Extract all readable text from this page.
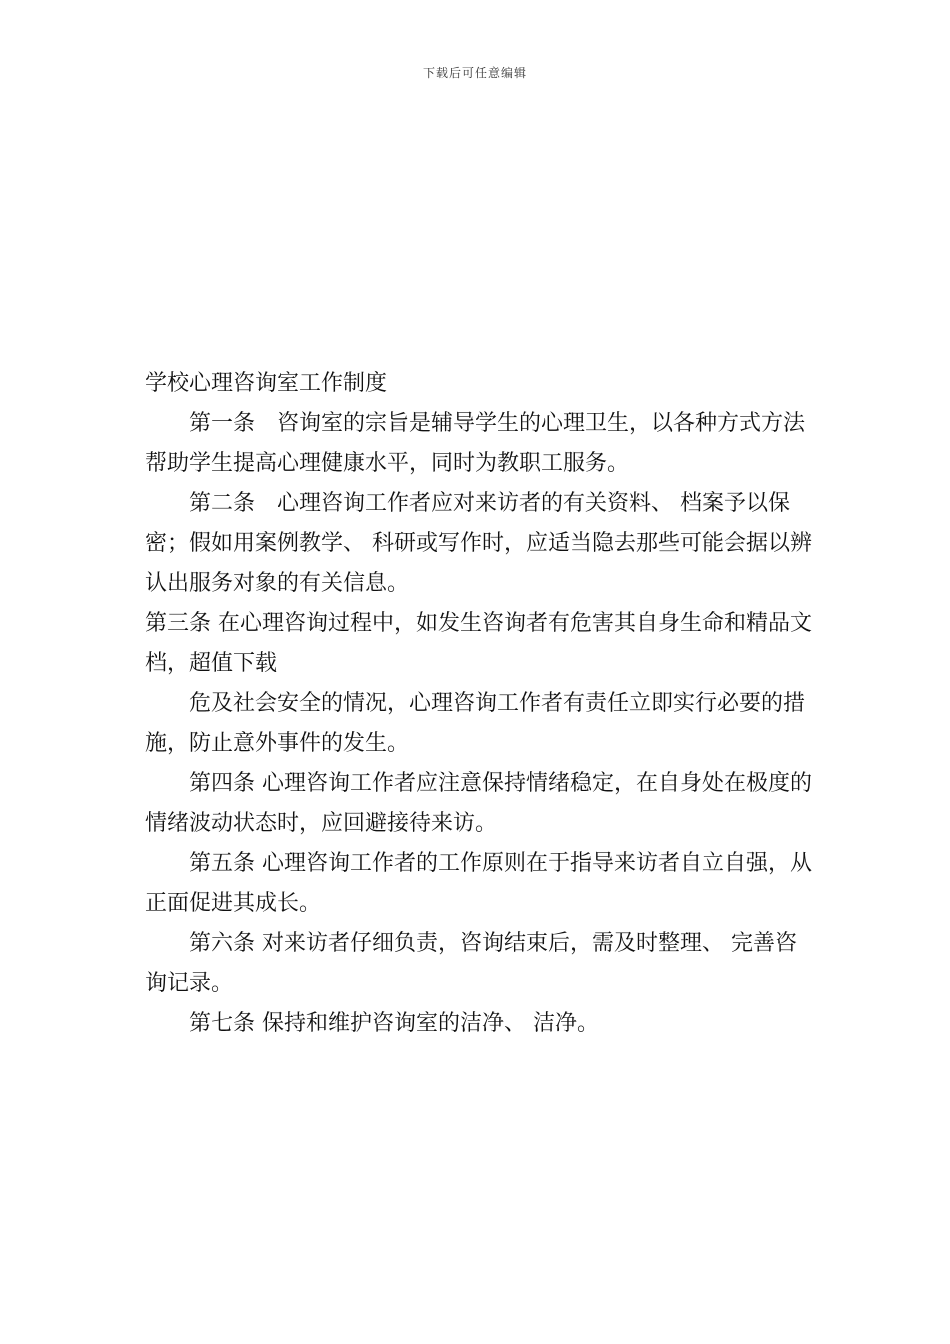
下载后可任意编辑
学校心理咨询室工作制度

第一条　咨询室的宗旨是辅导学生的心理卫生，以各种方式方法帮助学生提高心理健康水平，同时为教职工服务。

第二条　心理咨询工作者应对来访者的有关资料、 档案予以保密；假如用案例教学、 科研或写作时，应适当隐去那些可能会据以辨认出服务对象的有关信息。

第三条 在心理咨询过程中，如发生咨询者有危害其自身生命和精品文档，超值下载

危及社会安全的情况，心理咨询工作者有责任立即实行必要的措施，防止意外事件的发生。

第四条 心理咨询工作者应注意保持情绪稳定，在自身处在极度的情绪波动状态时，应回避接待来访。

第五条 心理咨询工作者的工作原则在于指导来访者自立自强，从正面促进其成长。

第六条 对来访者仔细负责，咨询结束后，需及时整理、 完善咨询记录。

第七条 保持和维护咨询室的洁净、 洁净。
